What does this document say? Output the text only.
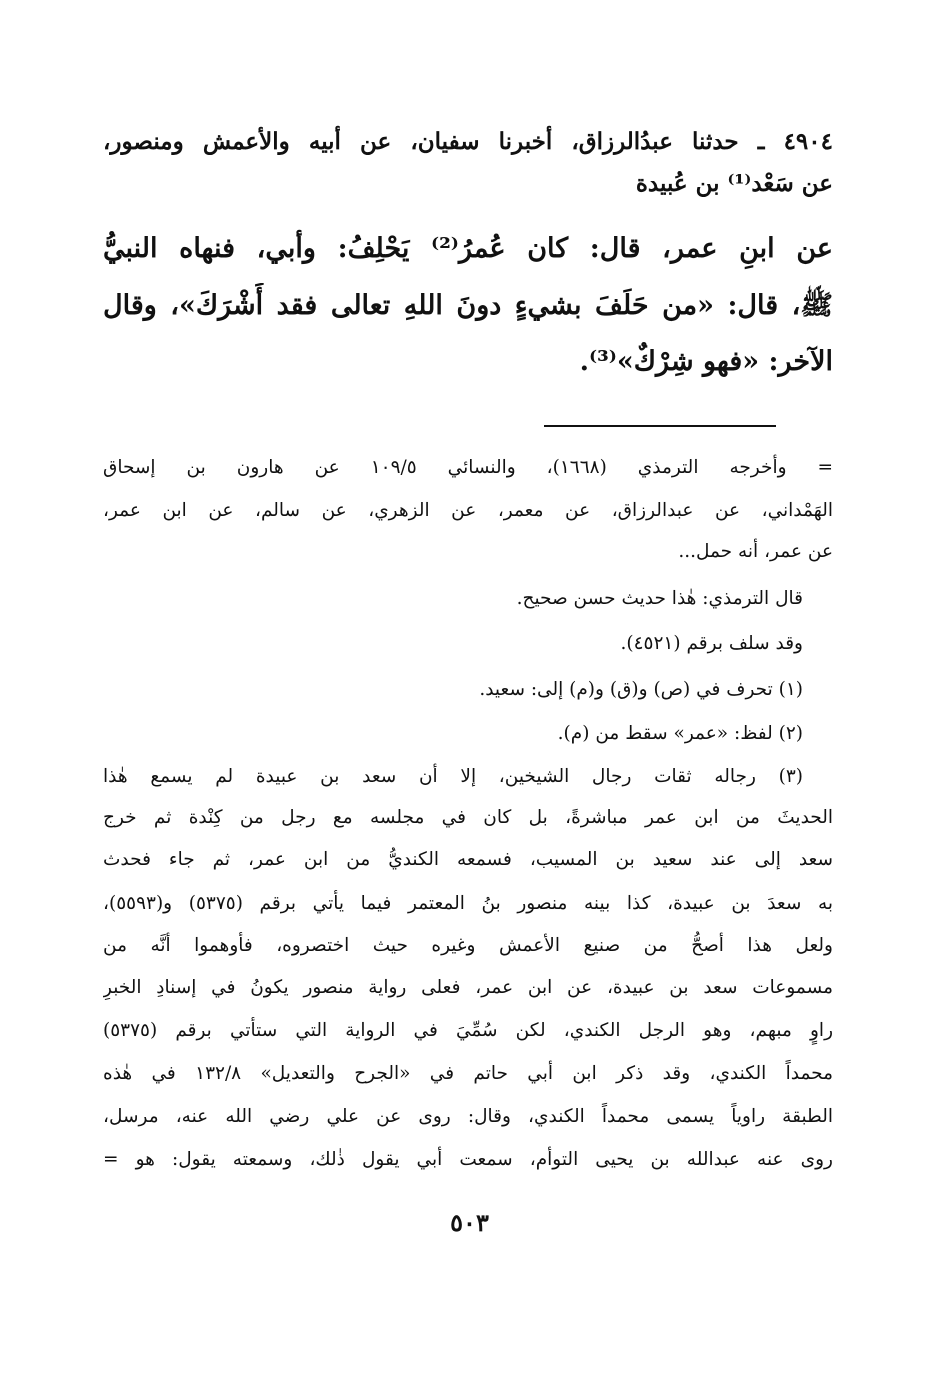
٤٩٠٤ ـ حدثنا عبدُالرزاق، أخبرنا سفيان، عن أبيه والأعمش ومنصور،
عن سَعْد⁽¹⁾ بن عُبيدة
عن ابنِ عمر، قال: كان عُمرُ⁽²⁾ يَحْلِفُ: وأبي، فنهاه النبيُّ
ﷺ، قال: «من حَلَفَ بشيءٍ دونَ اللهِ تعالى فقد أَشْرَكَ»، وقال
الآخر: «فهو شِرْكٌ»⁽³⁾.
= وأخرجه الترمذي (١٦٦٨)، والنسائي ١٠٩/٥ عن هارون بن إسحاق
الهَمْداني، عن عبدالرزاق، عن معمر، عن الزهري، عن سالم، عن ابن عمر،
عن عمر، أنه حمل...
قال الترمذي: هٰذا حديث حسن صحيح.
وقد سلف برقم (٤٥٢١).
(١) تحرف في (ص) و(ق) و(م) إلى: سعيد.
(٢) لفظ: «عمر» سقط من (م).
(٣) رجاله ثقات رجال الشيخين، إلا أن سعد بن عبيدة لم يسمع هٰذا
الحديثَ من ابن عمر مباشرةً، بل كان في مجلسه مع رجل من كِنْدة ثم خرج
سعد إلى عند سعيد بن المسيب، فسمعه الكنديُّ من ابن عمر، ثم جاء فحدث
به سعدَ بن عبيدة، كذا بينه منصور بنُ المعتمر فيما يأتي برقم (٥٣٧٥) و(٥٥٩٣)،
ولعل هذا أصحُّ من صنيع الأعمش وغيره حيث اختصروه، فأوهموا أنَّه من
مسموعات سعد بن عبيدة، عن ابن عمر، فعلى رواية منصور يكونُ في إسنادِ الخبرِ
راوٍ مبهم، وهو الرجل الكندي، لكن سُمِّيَ في الرواية التي ستأتي برقم (٥٣٧٥)
محمداً الكندي، وقد ذكر ابن أبي حاتم في «الجرح والتعديل» ١٣٢/٨ في هٰذه
الطبقة راوياً يسمى محمداً الكندي، وقال: روى عن علي رضي الله عنه، مرسل،
روى عنه عبدالله بن يحيى التوأم، سمعت أبي يقول ذٰلك، وسمعته يقول: هو =
٥٠٣
